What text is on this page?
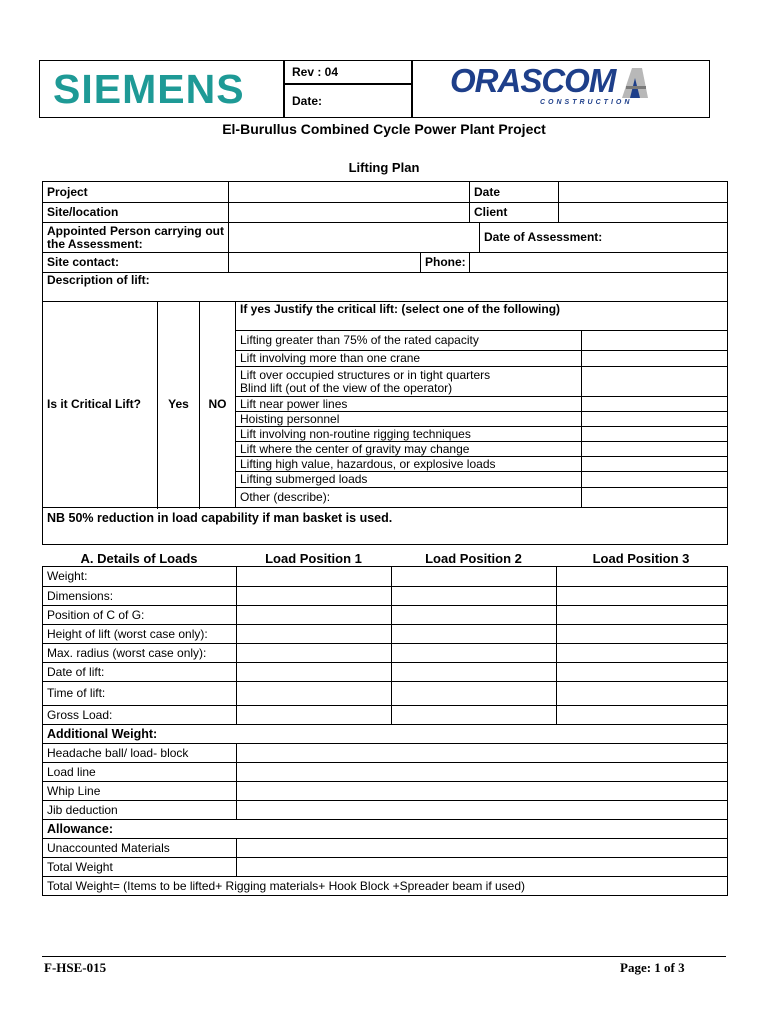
SIEMENS	Rev : 04
Date:
ORASCOM
CONSTRUCTION
El-Burullus Combined Cycle Power Plant Project
Lifting Plan
Project			Date		
Site/location			Client		
Appointed Person carrying out the Assessment:				Date of Assessment:	
Site contact:		Phone:			
Description of lift:					
Is it Critical Lift?	Yes	NO	If yes Justify the critical lift: (select one of the following)	
			Lifting greater than 75% of the rated capacity	
			Lift involving more than one crane	

			Lift over occupied structures or in tight quarters
Blind lift (out of the view of the operator)	

			Lift near power lines	
			Hoisting personnel	
			Lift involving non-routine rigging techniques	
			Lift where the center of gravity may change	
			Lifting high value, hazardous, or explosive loads	
			Lifting submerged loads	
			Other (describe):	

NB 50% reduction in load capability if man basket is used.				
A. Details of Loads	Load Position 1	Load Position 2	Load Position 3
Weight:			
Dimensions:			
Position of C of G:			
Height of lift (worst case only):			
Max. radius (worst case only):			
Date of lift:			
Time of lift:			
Gross Load:			
Additional Weight:			
Headache ball/ load- block			
Load line			
Whip Line			
Jib deduction			
Allowance:			
Unaccounted Materials			
Total Weight			
Total Weight= (Items to be lifted+ Rigging materials+ Hook Block +Spreader beam if used)			
F-HSE-015	Page: 1 of 3
